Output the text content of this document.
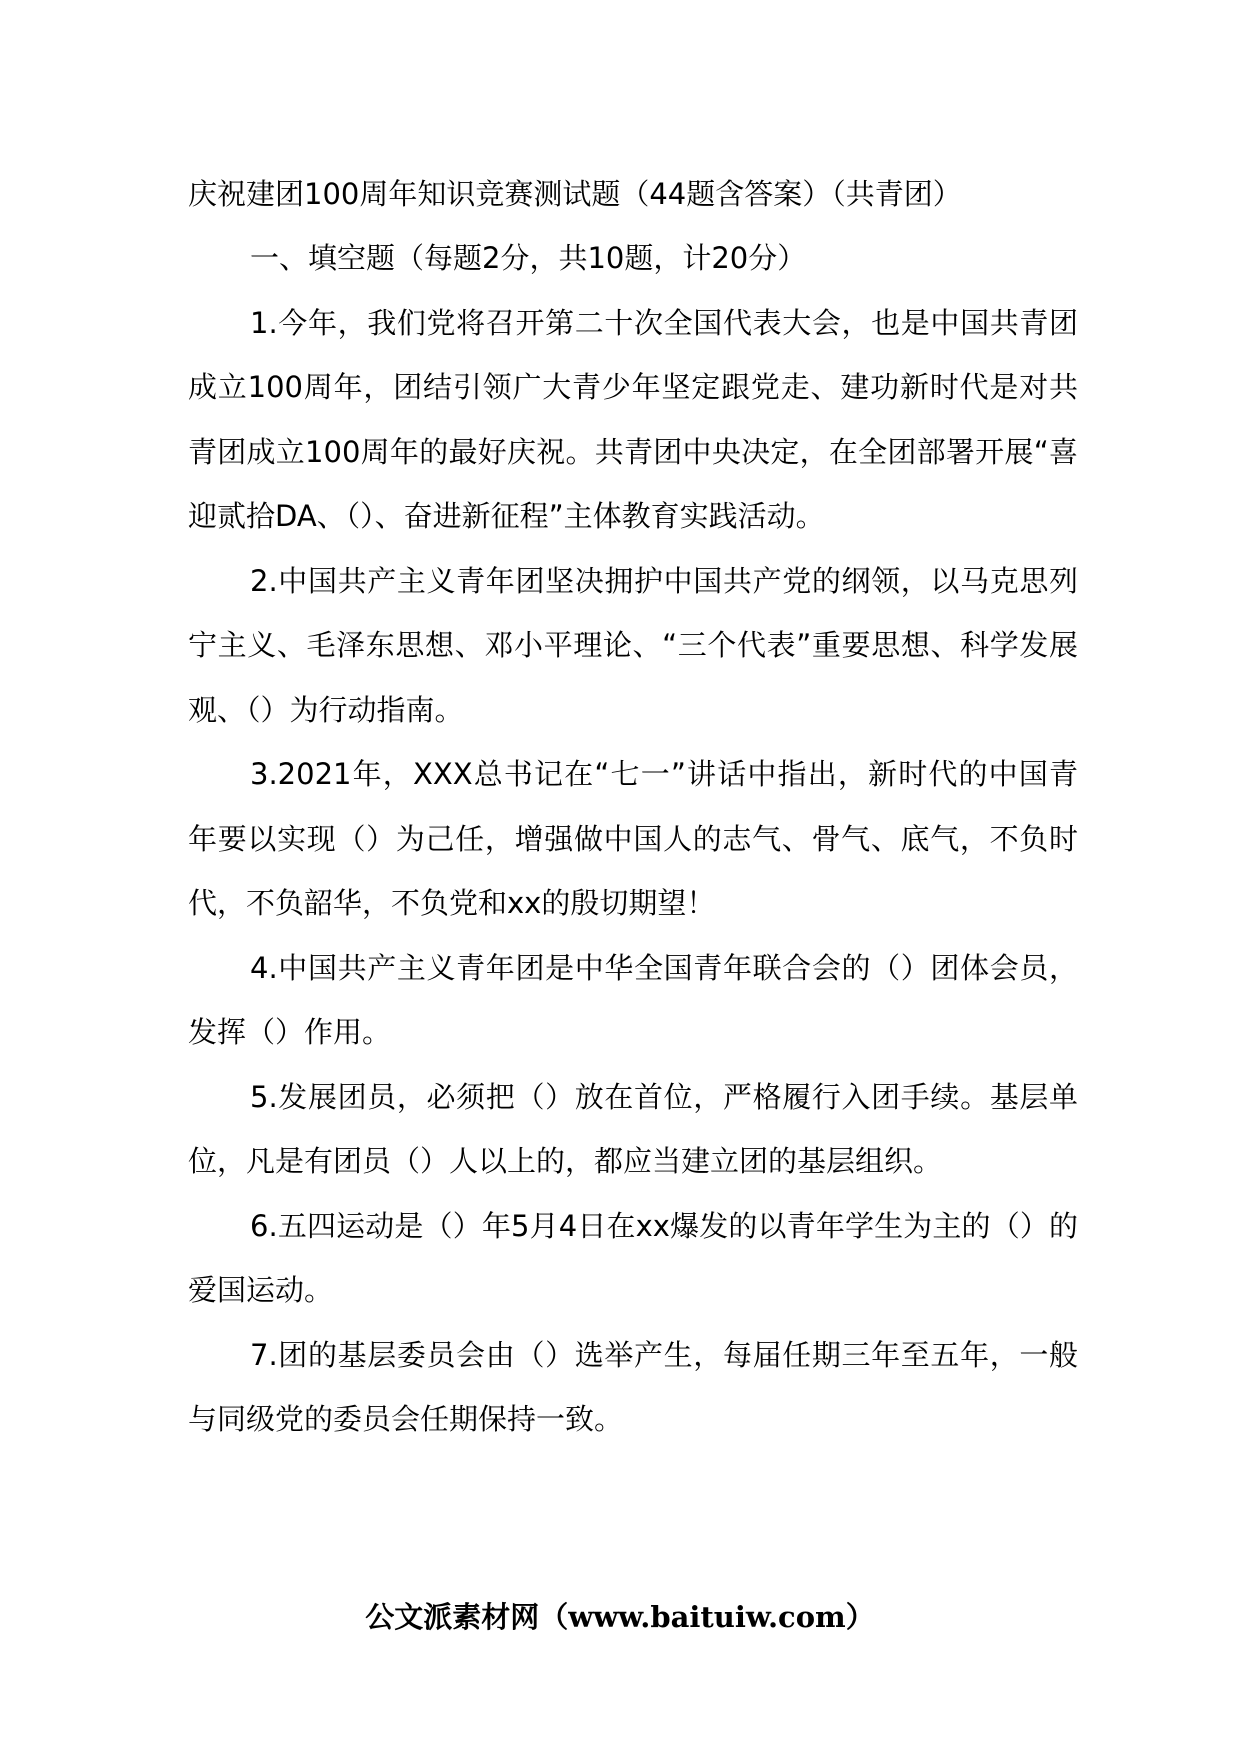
庆祝建团100周年知识竞赛测试题（44题含答案）（共青团）

一、填空题（每题2分，共10题，计20分）

1.今年，我们党将召开第二十次全国代表大会，也是中国共青团成立100周年，团结引领广大青少年坚定跟党走、建功新时代是对共青团成立100周年的最好庆祝。共青团中央决定，在全团部署开展“喜迎贰拾DA、（）、奋进新征程”主体教育实践活动。

2.中国共产主义青年团坚决拥护中国共产党的纲领，以马克思列宁主义、毛泽东思想、邓小平理论、“三个代表”重要思想、科学发展观、（）为行动指南。

3.2021年，XXX总书记在“七一”讲话中指出，新时代的中国青年要以实现（）为己任，增强做中国人的志气、骨气、底气，不负时代，不负韶华，不负党和xx的殷切期望！

4.中国共产主义青年团是中华全国青年联合会的（）团体会员，发挥（）作用。

5.发展团员，必须把（）放在首位，严格履行入团手续。基层单位，凡是有团员（）人以上的，都应当建立团的基层组织。

6.五四运动是（）年5月4日在xx爆发的以青年学生为主的（）的爱国运动。

7.团的基层委员会由（）选举产生，每届任期三年至五年，一般与同级党的委员会任期保持一致。

公文派素材网（www.baituiw.com）
